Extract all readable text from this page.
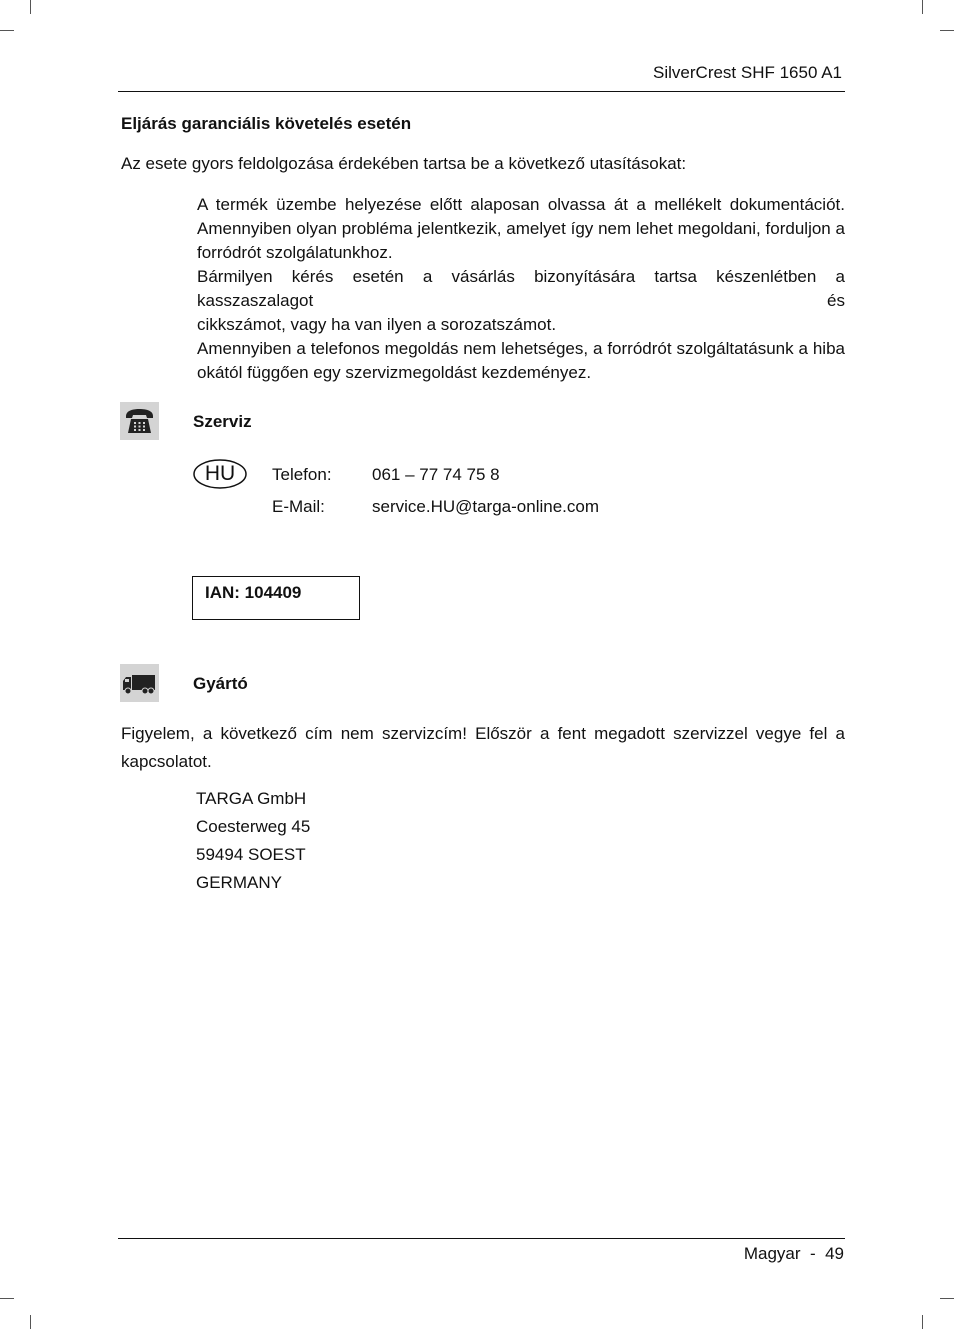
SilverCrest SHF 1650 A1
Eljárás garanciális követelés esetén
Az esete gyors feldolgozása érdekében tartsa be a következő utasításokat:
A termék üzembe helyezése előtt alaposan olvassa át a mellékelt dokumentációt.
Amennyiben olyan probléma jelentkezik, amelyet így nem lehet megoldani, forduljon a
forródrót szolgálatunkhoz.
Bármilyen kérés esetén a vásárlás bizonyítására tartsa készenlétben a kasszaszalagot és
cikkszámot, vagy ha van ilyen a sorozatszámot.
Amennyiben a telefonos megoldás nem lehetséges, a forródrót szolgáltatásunk a hiba
okától függően egy szervizmegoldást kezdeményez.
Szerviz
HU	Telefon: 061 – 77 74 75 8
E-Mail:	service.HU@targa-online.com
IAN: 104409
Gyártó
Figyelem, a következő cím nem szervizcím! Először a fent megadott szervizzel vegye fel a
kapcsolatot.
TARGA GmbH
Coesterweg 45
59494 SOEST
GERMANY
Magyar  -  49
